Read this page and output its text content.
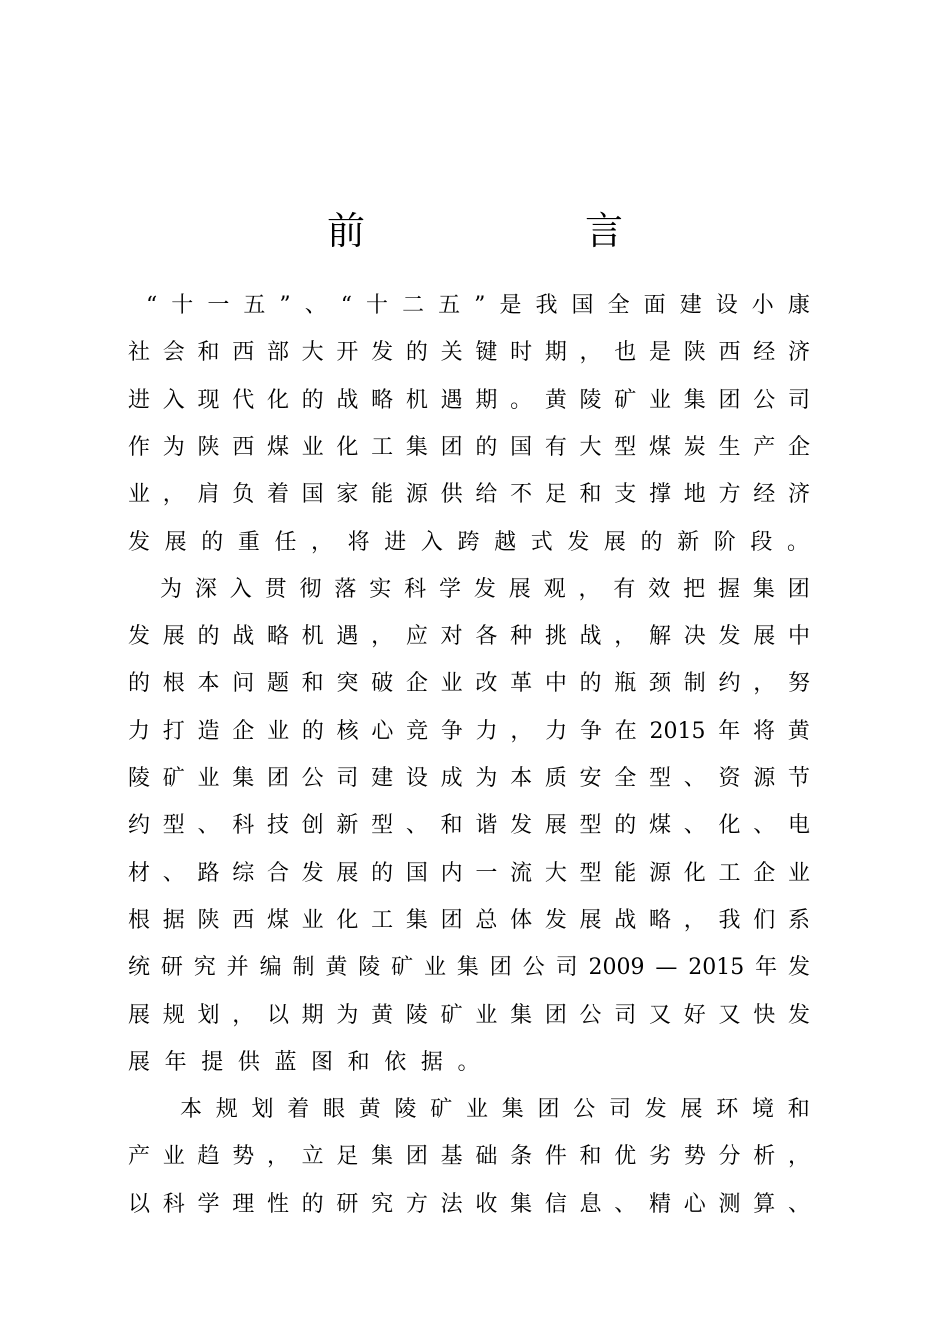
前 言
“ 十 一 五 ” 、 “ 十 二 五 ” 是 我 国 全 面 建 设 小 康
社 会 和 西 部 大 开 发 的 关 键 时 期 ， 也 是 陕 西 经 济
进 入 现 代 化 的 战 略 机 遇 期 。 黄 陵 矿 业 集 团 公 司
作 为 陕 西 煤 业 化 工 集 团 的 国 有 大 型 煤 炭 生 产 企
业 ， 肩 负 着 国 家 能 源 供 给 不 足 和 支 撑 地 方 经 济
发 展 的 重 任 ， 将 进 入 跨 越 式 发 展 的 新 阶 段 。
为 深 入 贯 彻 落 实 科 学 发 展 观 ， 有 效 把 握 集 团
发 展 的 战 略 机 遇 ， 应 对 各 种 挑 战 ， 解 决 发 展 中
的 根 本 问 题 和 突 破 企 业 改 革 中 的 瓶 颈 制 约 ， 努
力 打 造 企 业 的 核 心 竞 争 力 ， 力 争 在 2015 年 将 黄
陵 矿 业 集 团 公 司 建 设 成 为 本 质 安 全 型 、 资 源 节
约 型 、 科 技 创 新 型 、 和 谐 发 展 型 的 煤 、 化 、 电
材 、 路 综 合 发 展 的 国 内 一 流 大 型 能 源 化 工 企 业
根 据 陕 西 煤 业 化 工 集 团 总 体 发 展 战 略 ， 我 们 系
统 研 究 并 编 制 黄 陵 矿 业 集 团 公 司 2009 — 2015 年 发
展 规 划 ， 以 期 为 黄 陵 矿 业 集 团 公 司 又 好 又 快 发
展 年 提 供 蓝 图 和 依 据 。
本 规 划 着 眼 黄 陵 矿 业 集 团 公 司 发 展 环 境 和
产 业 趋 势 ， 立 足 集 团 基 础 条 件 和 优 劣 势 分 析 ，
以 科 学 理 性 的 研 究 方 法 收 集 信 息 、 精 心 测 算 、
